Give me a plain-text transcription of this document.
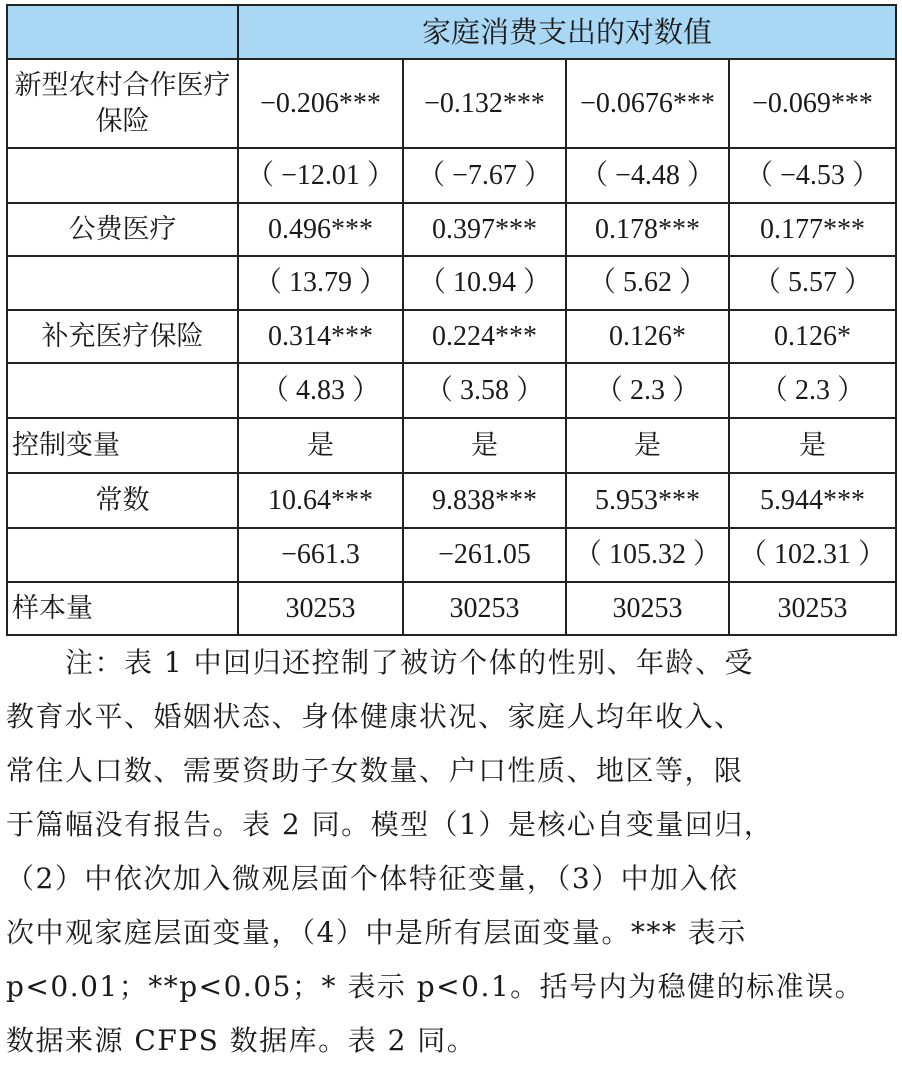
	家庭消费支出的对数值			
新型农村合作医疗保险	−0.206***	−0.132***	−0.0676***	−0.069***
	（ −12.01 ）	（ −7.67 ）	（ −4.48 ）	（ −4.53 ）
公费医疗	0.496***	0.397***	0.178***	0.177***
	（ 13.79 ）	（ 10.94 ）	（ 5.62 ）	（ 5.57 ）
补充医疗保险	0.314***	0.224***	0.126*	0.126*
	（ 4.83 ）	（ 3.58 ）	（ 2.3 ）	（ 2.3 ）
控制变量	是	是	是	是
常数	10.64***	9.838***	5.953***	5.944***
	−661.3	−261.05	（ 105.32 ）	（ 102.31 ）
样本量	30253	30253	30253	30253
　　注：表 1 中回归还控制了被访个体的性别、年龄、受
教育水平、婚姻状态、身体健康状况、家庭人均年收入、
常住人口数、需要资助子女数量、户口性质、地区等，限
于篇幅没有报告。表 2 同。模型（1）是核心自变量回归，
（2）中依次加入微观层面个体特征变量，（3）中加入依
次中观家庭层面变量，（4）中是所有层面变量。*** 表示
p<0.01；**p<0.05；* 表示 p<0.1。括号内为稳健的标准误。
数据来源 CFPS 数据库。表 2 同。
